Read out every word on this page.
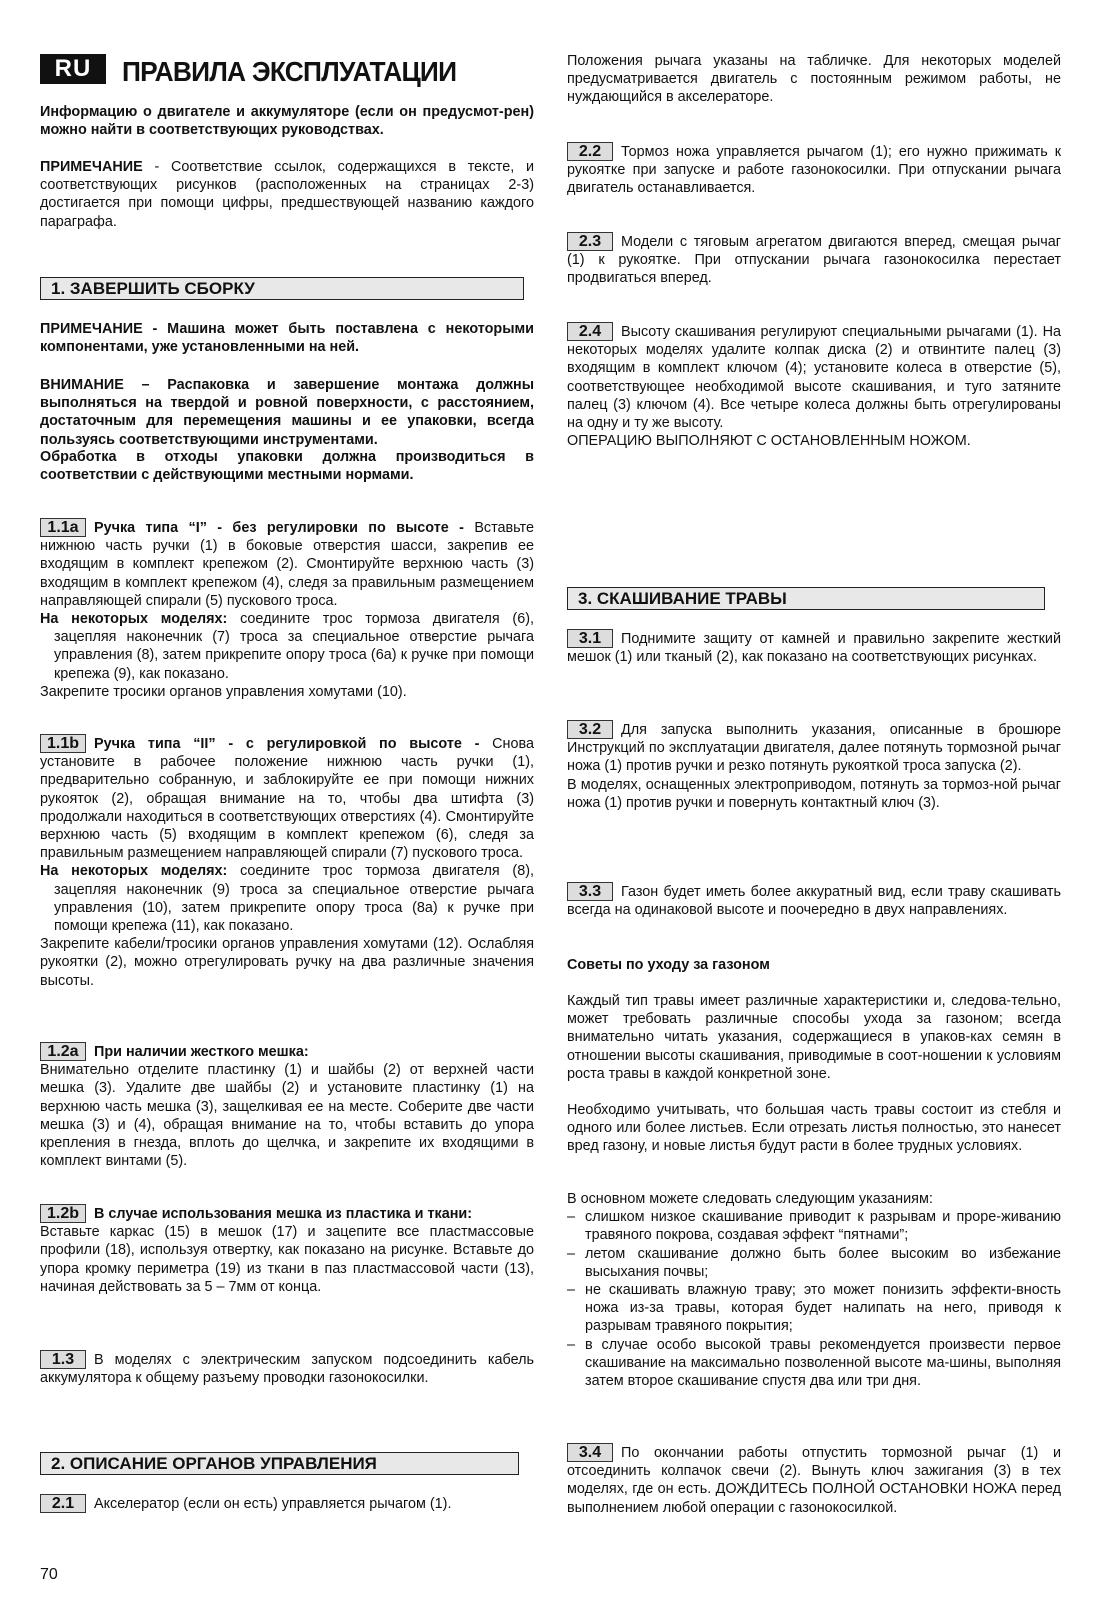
RU	ПРАВИЛА ЭКСПЛУАТАЦИИ

Информацию о двигателе и аккумуляторе (если он предусмот-рен) можно найти в соответствующих руководствах.

ПРИМЕЧАНИЕ - Соответствие ссылок, содержащихся в тексте, и соответствующих рисунков (расположенных на страницах 2-3) достигается при помощи цифры, предшествующей названию каждого параграфа.

1. ЗАВЕРШИТЬ СБОРКУ

ПРИМЕЧАНИЕ - Машина может быть поставлена с некоторыми компонентами, уже установленными на ней.

ВНИМАНИЕ – Распаковка и завершение монтажа должны выполняться на твердой и ровной поверхности, с расстоянием, достаточным для перемещения машины и ее упаковки, всегда пользуясь соответствующими инструментами.

Обработка в отходы упаковки должна производиться в соответствии с действующими местными нормами.

1.1a Ручка типа “I” - без регулировки по высоте - Вставьте нижнюю часть ручки (1) в боковые отверстия шасси, закрепив ее входящим в комплект крепежом (2). Смонтируйте верхнюю часть (3) входящим в комплект крепежом (4), следя за правильным размещением направляющей спирали (5) пускового троса.

На некоторых моделях: соедините трос тормоза двигателя (6), зацепляя наконечник (7) троса за специальное отверстие рычага управления (8), затем прикрепите опору троса (6а) к ручке при помощи крепежа (9), как показано.

Закрепите тросики органов управления хомутами (10).

1.1b Ручка типа “II” - с регулировкой по высоте - Снова установите в рабочее положение нижнюю часть ручки (1), предварительно собранную, и заблокируйте ее при помощи нижних рукояток (2), обращая внимание на то, чтобы два штифта (3) продолжали находиться в соответствующих отверстиях (4). Смонтируйте верхнюю часть (5) входящим в комплект крепежом (6), следя за правильным размещением направляющей спирали (7) пускового троса.

На некоторых моделях: соедините трос тормоза двигателя (8), зацепляя наконечник (9) троса за специальное отверстие рычага управления (10), затем прикрепите опору троса (8а) к ручке при помощи крепежа (11), как показано.

Закрепите кабели/тросики органов управления хомутами (12). Ослабляя рукоятки (2), можно отрегулировать ручку на два различные значения высоты.

1.2a При наличии жесткого мешка:

Внимательно отделите пластинку (1) и шайбы (2) от верхней части мешка (3). Удалите две шайбы (2) и установите пластинку (1) на верхнюю часть мешка (3), защелкивая ее на месте. Соберите две части мешка (3) и (4), обращая внимание на то, чтобы вставить до упора крепления в гнезда, вплоть до щелчка, и закрепите их входящими в комплект винтами (5).

1.2b В случае использования мешка из пластика и ткани:

Вставьте каркас (15) в мешок (17) и зацепите все пластмассовые профили (18), используя отвертку, как показано на рисунке. Вставьте до упора кромку периметра (19) из ткани в паз пластмассовой части (13), начиная действовать за 5 – 7мм от конца.

1.3 В моделях с электрическим запуском подсоединить кабель аккумулятора к общему разъему проводки газонокосилки.

2. ОПИСАНИЕ ОРГАНОВ УПРАВЛЕНИЯ

2.1 Акселератор (если он есть) управляется рычагом (1).

70

Положения рычага указаны на табличке. Для некоторых моделей предусматривается двигатель с постоянным режимом работы, не нуждающийся в акселераторе.

2.2 Тормоз ножа управляется рычагом (1); его нужно прижимать к рукоятке при запуске и работе газонокосилки. При отпускании рычага двигатель останавливается.

2.3 Модели с тяговым агрегатом двигаются вперед, смещая рычаг (1) к рукоятке. При отпускании рычага газонокосилка перестает продвигаться вперед.

2.4 Высоту скашивания регулируют специальными рычагами (1). На некоторых моделях удалите колпак диска (2) и отвинтите палец (3) входящим в комплект ключом (4); установите колеса в отверстие (5), соответствующее необходимой высоте скашивания, и туго затяните палец (3) ключом (4). Все четыре колеса должны быть отрегулированы на одну и ту же высоту.

ОПЕРАЦИЮ ВЫПОЛНЯЮТ С ОСТАНОВЛЕННЫМ НОЖОМ.

3. СКАШИВАНИЕ ТРАВЫ

3.1 Поднимите защиту от камней и правильно закрепите жесткий мешок (1) или тканый (2), как показано на соответствующих рисунках.

3.2 Для запуска выполнить указания, описанные в брошюре Инструкций по эксплуатации двигателя, далее потянуть тормозной рычаг ножа (1) против ручки и резко потянуть рукояткой троса запуска (2).

В моделях, оснащенных электроприводом, потянуть за тормоз-ной рычаг ножа (1) против ручки и повернуть контактный ключ (3).

3.3 Газон будет иметь более аккуратный вид, если траву скашивать всегда на одинаковой высоте и поочередно в двух направлениях.

Советы по уходу за газоном

Каждый тип травы имеет различные характеристики и, следова-тельно, может требовать различные способы ухода за газоном; всегда внимательно читать указания, содержащиеся в упаков-ках семян в отношении высоты скашивания, приводимые в соот-ношении к условиям роста травы в каждой конкретной зоне.

Необходимо учитывать, что большая часть травы состоит из стебля и одного или более листьев. Если отрезать листья полностью, это нанесет вред газону, и новые листья будут расти в более трудных условиях.

В основном можете следовать следующим указаниям:

– слишком низкое скашивание приводит к разрывам и проре-живанию травяного покрова, создавая эффект “пятнами”;
– летом скашивание должно быть более высоким во избежание высыхания почвы;
– не скашивать влажную траву; это может понизить эффекти-вность ножа из-за травы, которая будет налипать на него, приводя к разрывам травяного покрытия;
– в случае особо высокой травы рекомендуется произвести первое скашивание на максимально позволенной высоте ма-шины, выполняя затем второе скашивание спустя два или три дня.

3.4 По окончании работы отпустить тормозной рычаг (1) и отсоединить колпачок свечи (2). Вынуть ключ зажигания (3) в тех моделях, где он есть. ДОЖДИТЕСЬ ПОЛНОЙ ОСТАНОВКИ НОЖА перед выполнением любой операции с газонокосилкой.
